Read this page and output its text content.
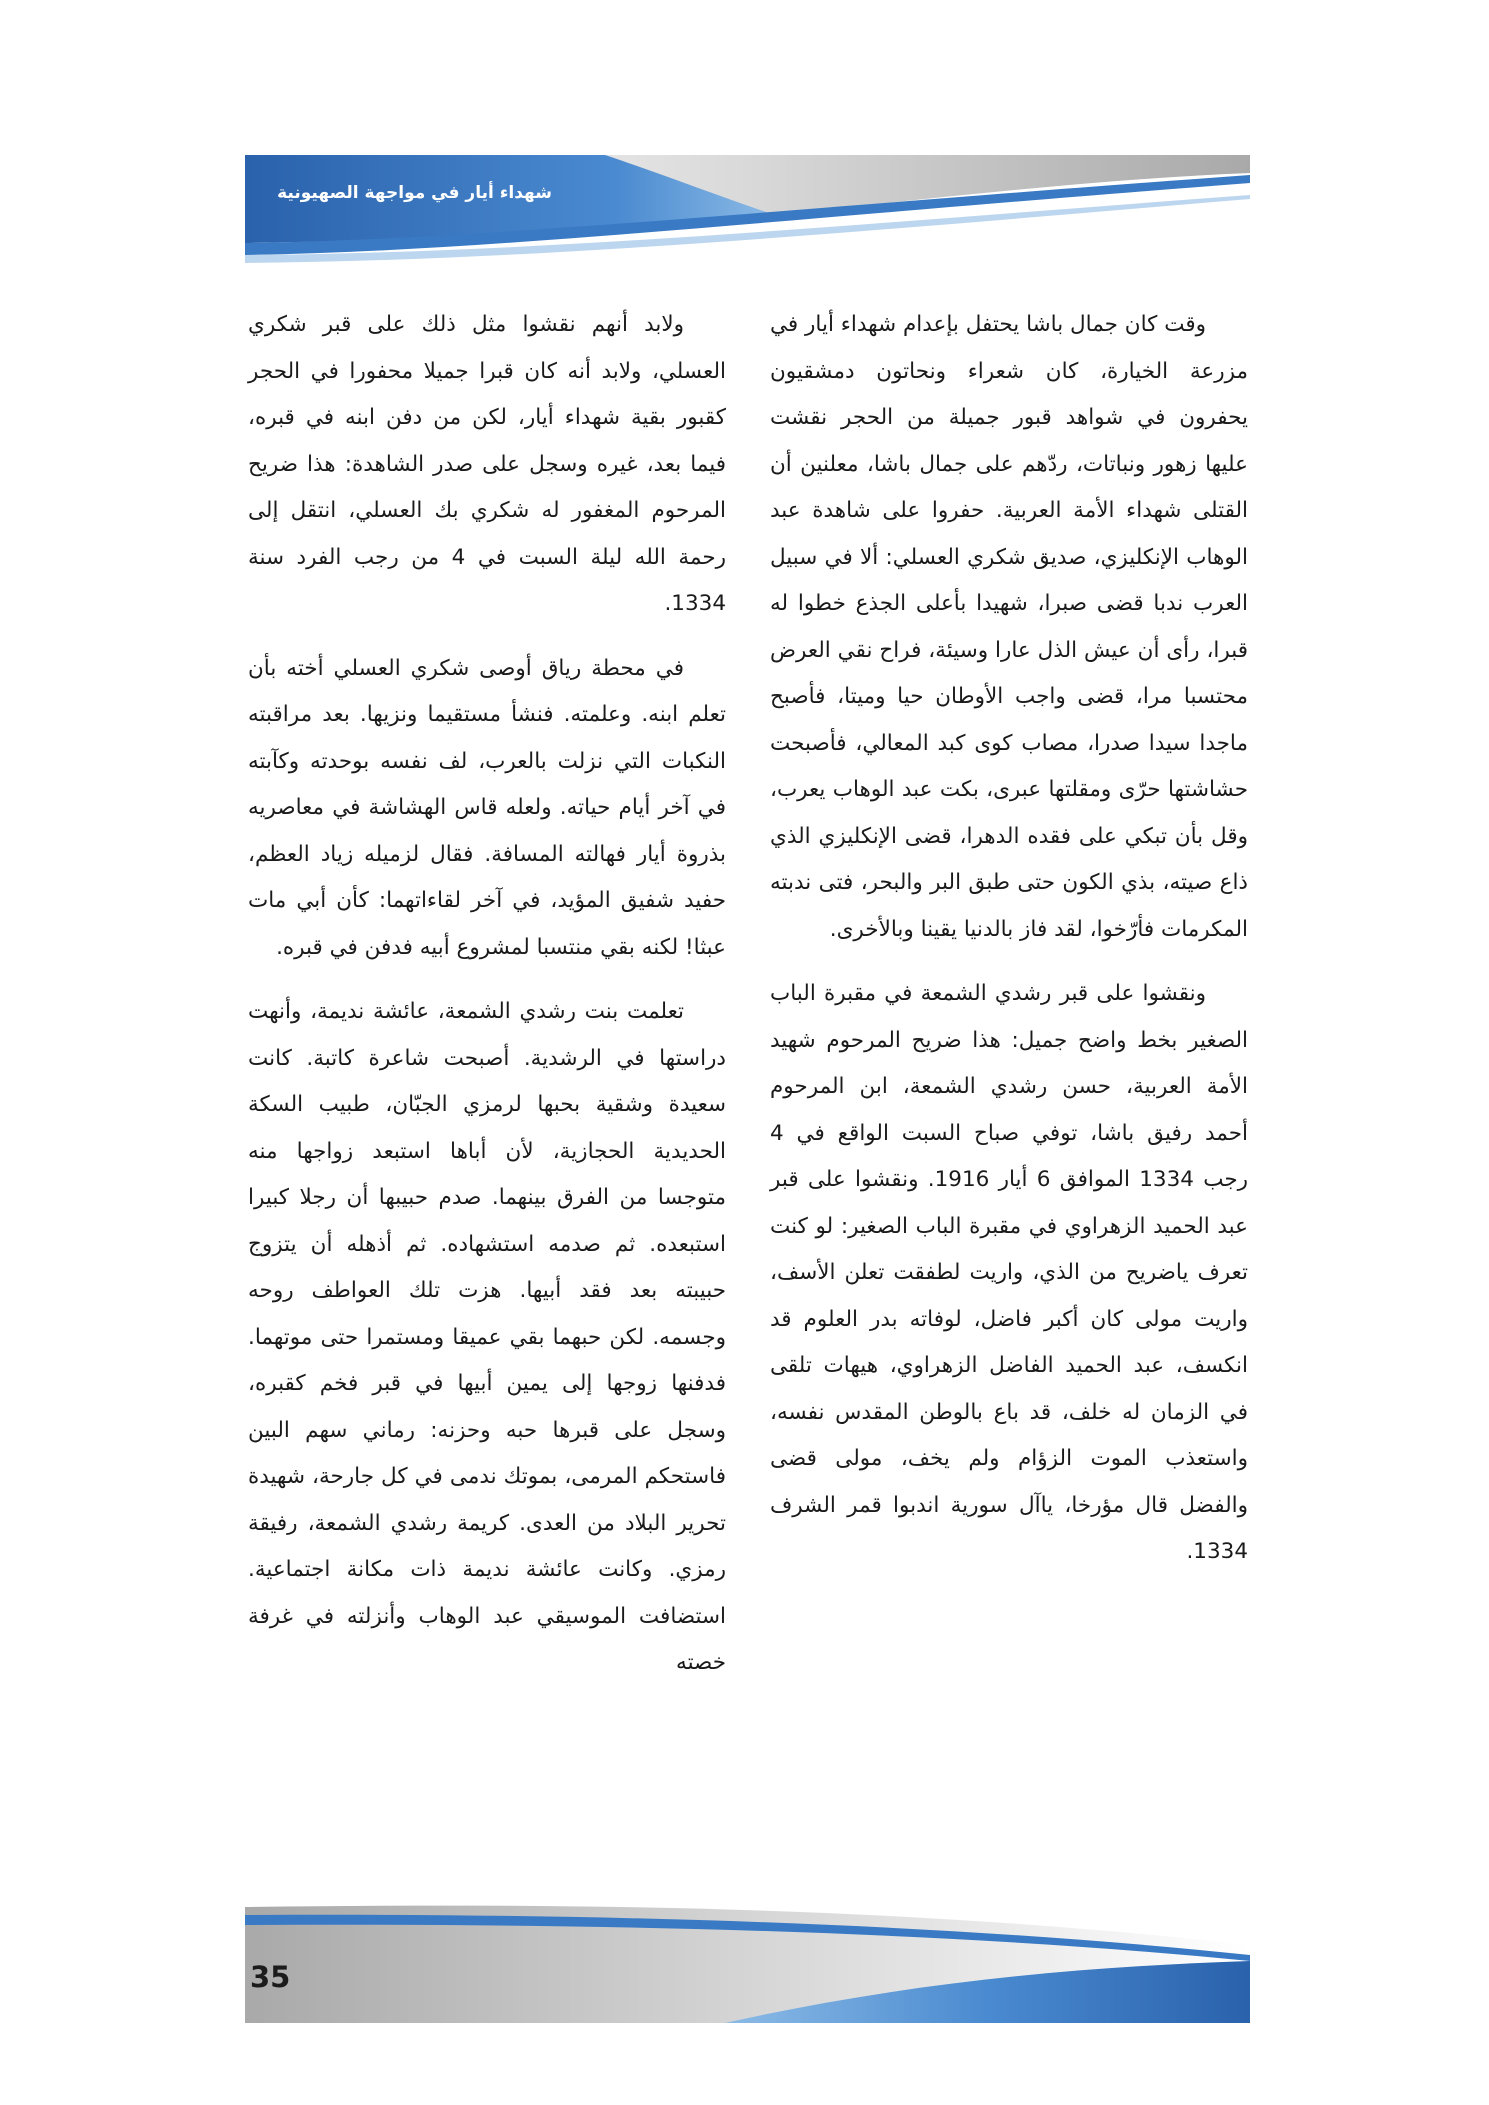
شهداء أيار في مواجهة الصهيونية

وقت كان جمال باشا يحتفل بإعدام شهداء أيار في مزرعة الخيارة، كان شعراء ونحاتون دمشقيون يحفرون في شواهد قبور جميلة من الحجر نقشت عليها زهور ونباتات، ردّهم على جمال باشا، معلنين أن القتلى شهداء الأمة العربية. حفروا على شاهدة عبد الوهاب الإنكليزي، صديق شكري العسلي: ألا في سبيل العرب ندبا قضى صبرا، شهيدا بأعلى الجذع خطوا له قبرا، رأى أن عيش الذل عارا وسيئة، فراح نقي العرض محتسبا مرا، قضى واجب الأوطان حيا وميتا، فأصبح ماجدا سيدا صدرا، مصاب كوى كبد المعالي، فأصبحت حشاشتها حرّى ومقلتها عبرى، بكت عبد الوهاب يعرب، وقل بأن تبكي على فقده الدهرا، قضى الإنكليزي الذي ذاع صيته، بذي الكون حتى طبق البر والبحر، فتى ندبته المكرمات فأرّخوا، لقد فاز بالدنيا يقينا وبالأخرى.

ونقشوا على قبر رشدي الشمعة في مقبرة الباب الصغير بخط واضح جميل: هذا ضريح المرحوم شهيد الأمة العربية، حسن رشدي الشمعة، ابن المرحوم أحمد رفيق باشا، توفي صباح السبت الواقع في 4 رجب 1334 الموافق 6 أيار 1916. ونقشوا على قبر عبد الحميد الزهراوي في مقبرة الباب الصغير: لو كنت تعرف ياضريح من الذي، واريت لطفقت تعلن الأسف، واريت مولى كان أكبر فاضل، لوفاته بدر العلوم قد انكسف، عبد الحميد الفاضل الزهراوي، هيهات تلقى في الزمان له خلف، قد باع بالوطن المقدس نفسه، واستعذب الموت الزؤام ولم يخف، مولى قضى والفضل قال مؤرخا، ياآل سورية اندبوا قمر الشرف 1334.

ولابد أنهم نقشوا مثل ذلك على قبر شكري العسلي، ولابد أنه كان قبرا جميلا محفورا في الحجر كقبور بقية شهداء أيار، لكن من دفن ابنه في قبره، فيما بعد، غيره وسجل على صدر الشاهدة: هذا ضريح المرحوم المغفور له شكري بك العسلي، انتقل إلى رحمة الله ليلة السبت في 4 من رجب الفرد سنة 1334.

في محطة رياق أوصى شكري العسلي أخته بأن تعلم ابنه. وعلمته. فنشأ مستقيما ونزيها. بعد مراقبته النكبات التي نزلت بالعرب، لف نفسه بوحدته وكآبته في آخر أيام حياته. ولعله قاس الهشاشة في معاصريه بذروة أيار فهالته المسافة. فقال لزميله زياد العظم، حفيد شفيق المؤيد، في آخر لقاءاتهما: كأن أبي مات عبثا! لكنه بقي منتسبا لمشروع أبيه فدفن في قبره.

تعلمت بنت رشدي الشمعة، عائشة نديمة، وأنهت دراستها في الرشدية. أصبحت شاعرة كاتبة. كانت سعيدة وشقية بحبها لرمزي الجبّان، طبيب السكة الحديدية الحجازية، لأن أباها استبعد زواجها منه متوجسا من الفرق بينهما. صدم حبيبها أن رجلا كبيرا استبعده. ثم صدمه استشهاده. ثم أذهله أن يتزوج حبيبته بعد فقد أبيها. هزت تلك العواطف روحه وجسمه. لكن حبهما بقي عميقا ومستمرا حتى موتهما. فدفنها زوجها إلى يمين أبيها في قبر فخم كقبره، وسجل على قبرها حبه وحزنه: رماني سهم البين فاستحكم المرمى، بموتك ندمى في كل جارحة، شهيدة تحرير البلاد من العدى. كريمة رشدي الشمعة، رفيقة رمزي. وكانت عائشة نديمة ذات مكانة اجتماعية. استضافت الموسيقي عبد الوهاب وأنزلته في غرفة خصته

35
